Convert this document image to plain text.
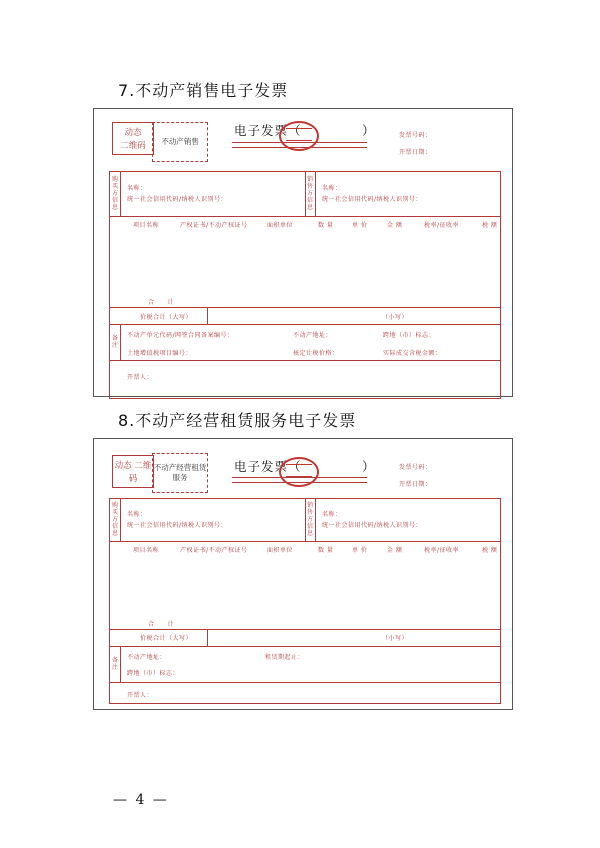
7.不动产销售电子发票
动态
二维码	不动产销售
电子发票（	）	发票号码：
开票日期：
购买方信息
销售方信息
名称：
统一社会信用代码/纳税人识别号：
名称：
统一社会信用代码/纳税人识别号：
项目名称	产权证书/不动产权证号	面积单位	数 量	单 价	金 额	税率/征收率	税 额
合　　计
价税合计（大写）	（小写）
备注
不动产单元代码/网签合同备案编号：	不动产地址：	跨地（市）标志：
土地增值税项目编号：	核定计税价格：	实际成交含税金额：
开票人：
8.不动产经营租赁服务电子发票
动态 二维码
不动产经营租赁
服务
电子发票（	）	发票号码：
开票日期：
购买方信息
销售方信息
名称：
统一社会信用代码/纳税人识别号：
名称：
统一社会信用代码/纳税人识别号：
项目名称	产权证书/不动产权证号	面积单位	数 量	单 价	金 额	税率/征收率	税 额
合　　计
价税合计（大写）	（小写）
备注
不动产地址：	租赁期起止：
跨地（市）标志：
开票人：
— 4 —
